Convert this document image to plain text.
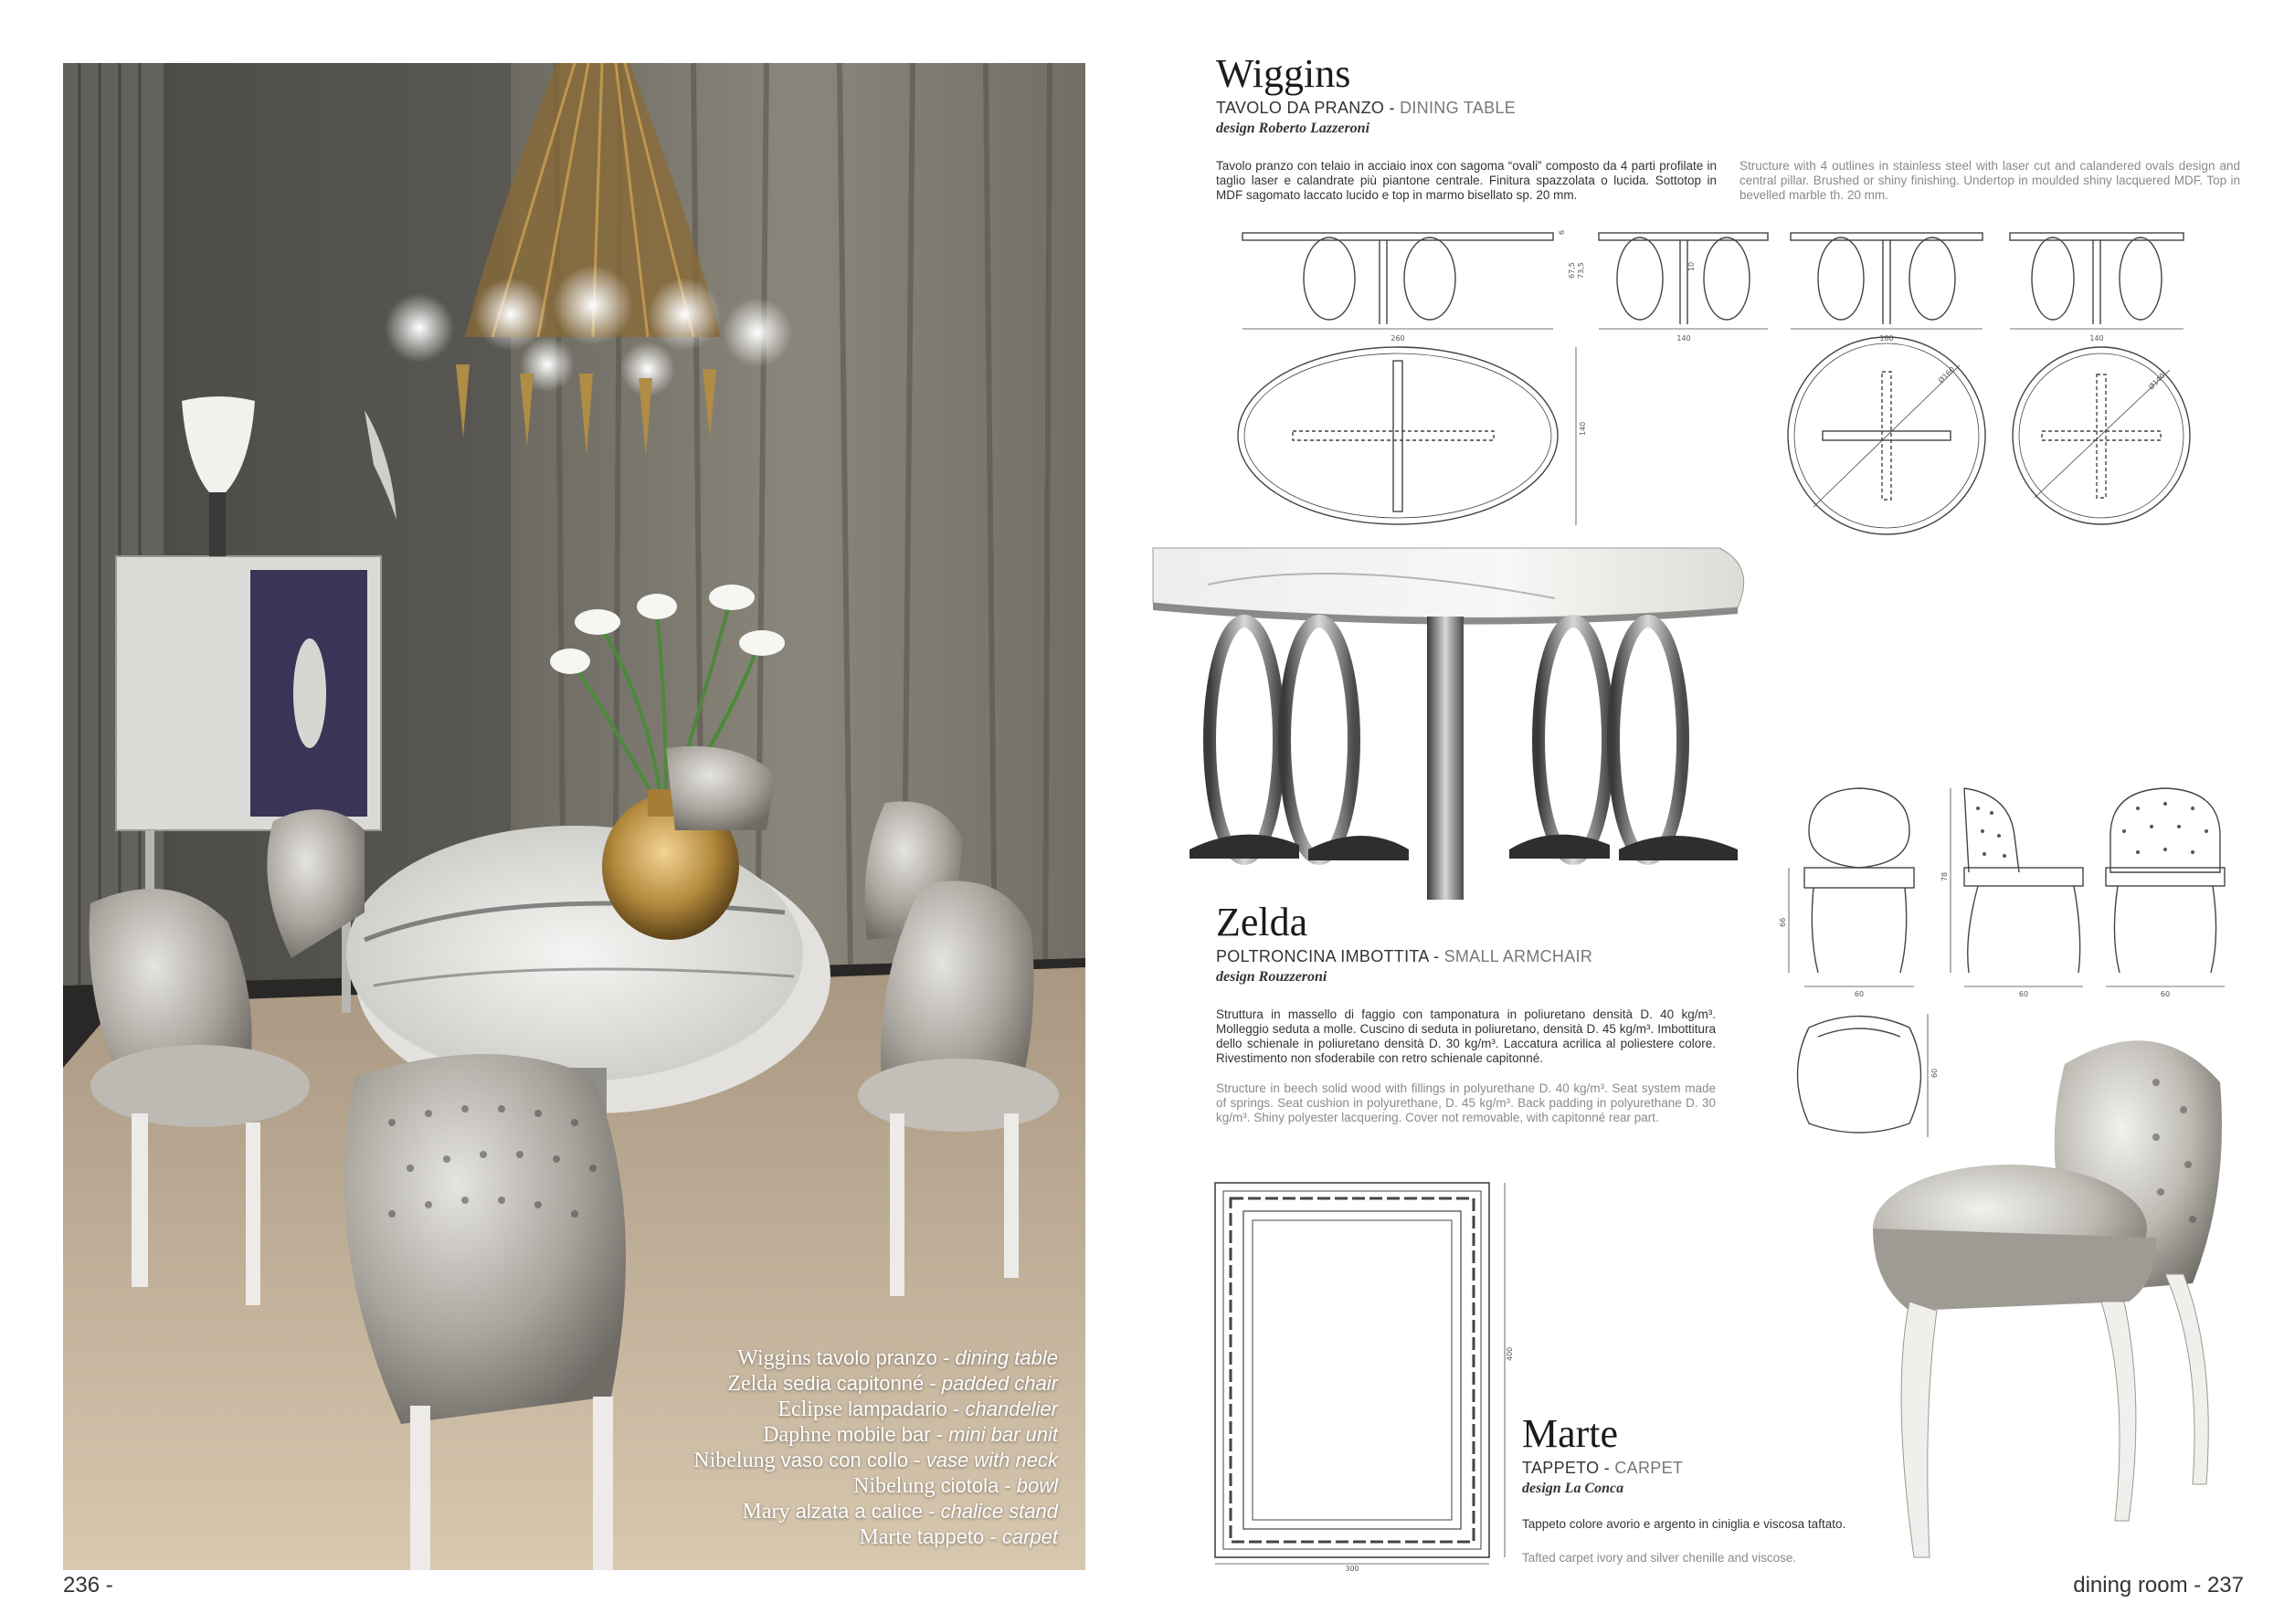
Wiggins tavolo pranzo - dining table
Zelda sedia capitonné - padded chair
Eclipse lampadario - chandelier
Daphne mobile bar - mini bar unit
Nibelung vaso con collo - vase with neck
Nibelung ciotola - bowl
Mary alzata a calice - chalice stand
Marte tappeto - carpet
236 -	dining room - 237
Wiggins
TAVOLO DA PRANZO - DINING TABLE
design Roberto Lazzeroni
Tavolo pranzo con telaio in acciaio inox con sagoma “ovali” composto da 4 parti profilate in taglio laser e calandrate più piantone centrale. Finitura spazzolata o lucida. Sottotop in MDF sagomato laccato lucido e top in marmo bisellato sp. 20 mm.
Structure with 4 outlines in stainless steel with laser cut and calandered ovals design and central pillar. Brushed or shiny finishing. Undertop in moulded shiny lacquered MDF. Top in bevelled marble th. 20 mm.
260
67,5 73,5
6
140
10
160	140
140
Ø160	Ø140
Zelda
POLTRONCINA IMBOTTITA - SMALL ARMCHAIR
design Rouzzeroni
Struttura in massello di faggio con tamponatura in poliuretano densità D. 40 kg/m³. Molleggio seduta a molle. Cuscino di seduta in poliuretano, densità D. 45 kg/m³. Imbottitura dello schienale in poliuretano densità D. 30 kg/m³. Laccatura acrilica al poliestere colore. Rivestimento non sfoderabile con retro schienale capitonné.
Structure in beech solid wood with fillings in polyurethane D. 40 kg/m³. Seat system made of springs. Seat cushion in polyurethane, D. 45 kg/m³. Back padding in polyurethane D. 30 kg/m³. Shiny polyester lacquering. Cover not removable, with capitonné rear part.
66
60
78
60	60
60
400
300
Marte
TAPPETO - CARPET
design La Conca
Tappeto colore avorio e argento in ciniglia e viscosa taftato.
Tafted carpet ivory and silver chenille and viscose.
